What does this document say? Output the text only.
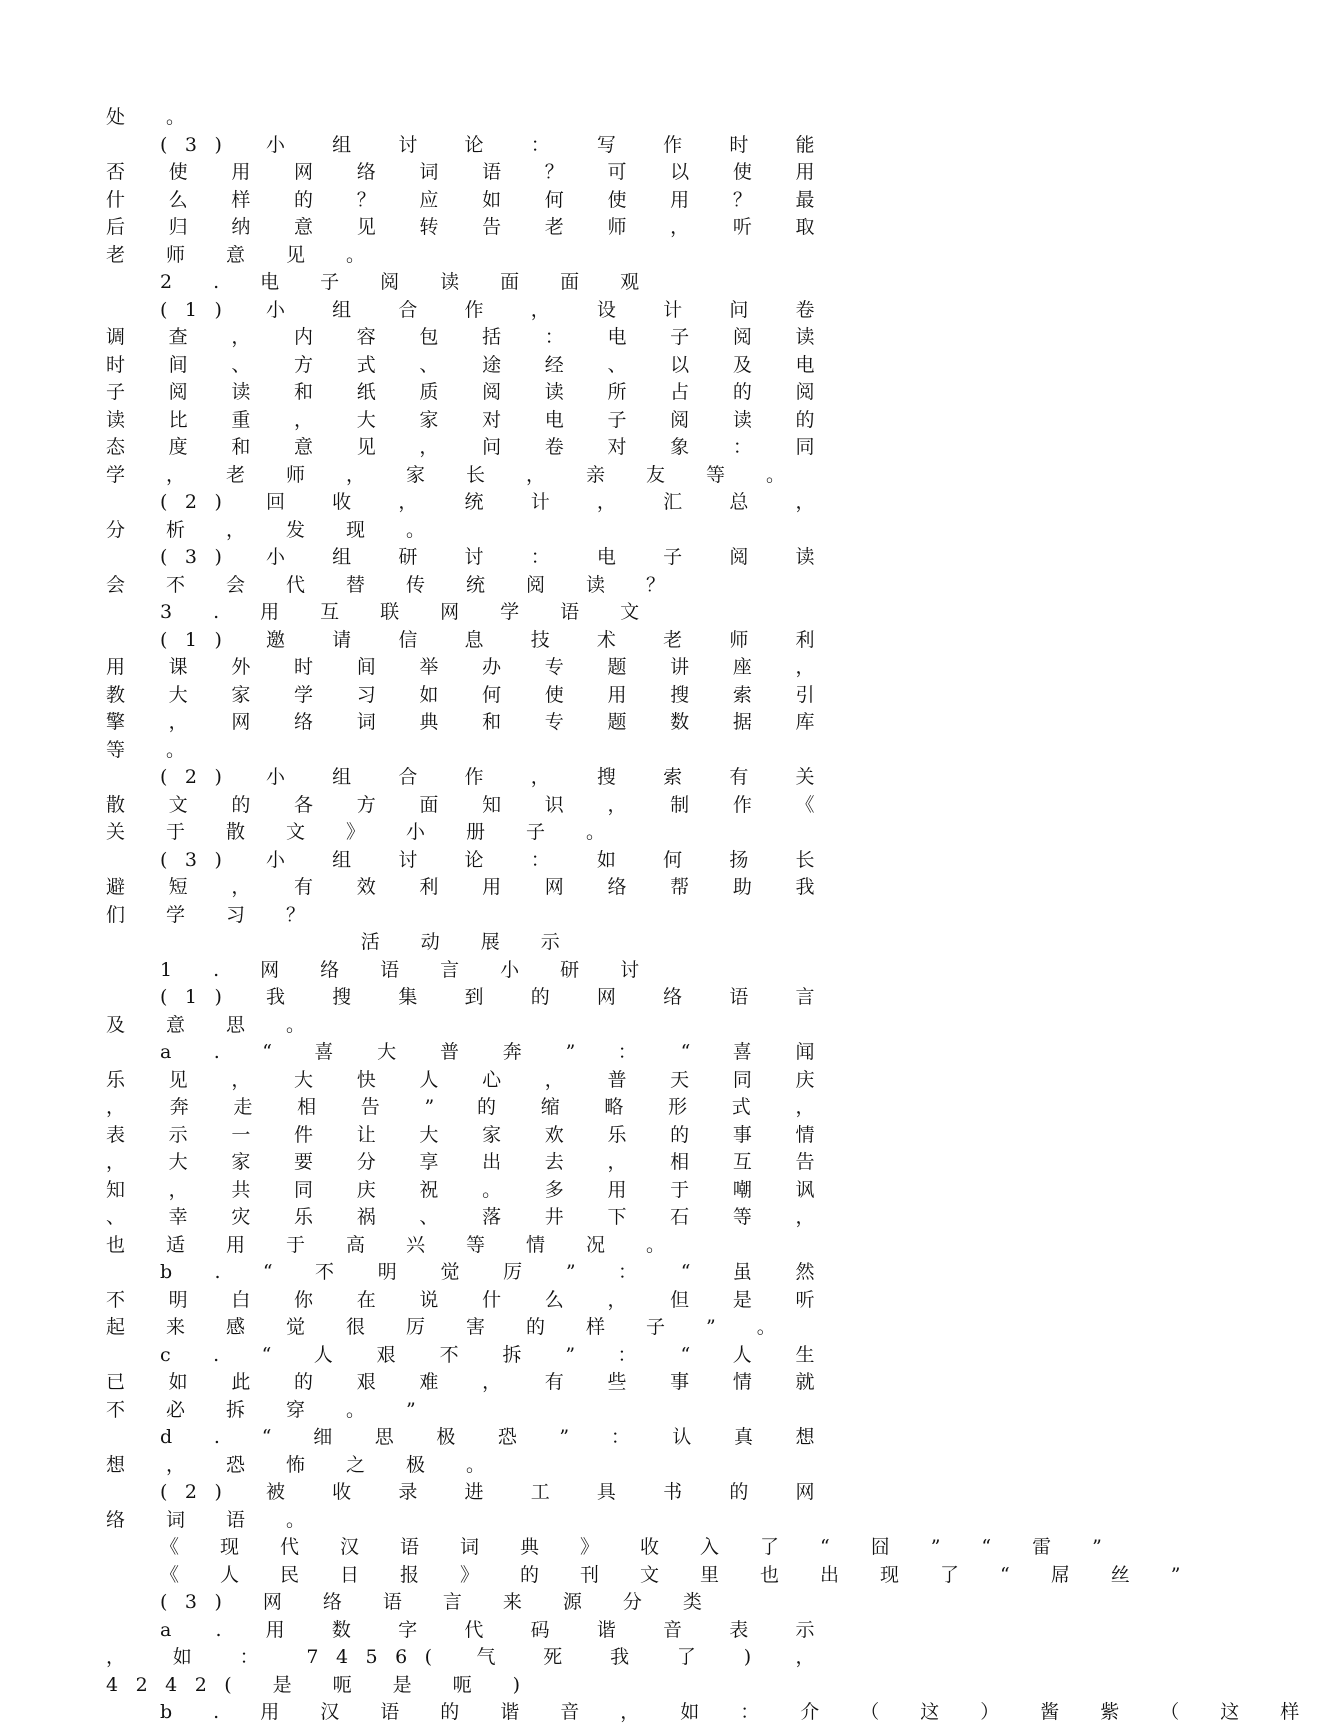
处 。

(3) 小 组 讨 论 ： 写 作 时 能 否 使 用 网 络 词 语 ？ 可 以 使 用 什 么 样 的 ？ 应 如 何 使 用 ？ 最 后 归 纳 意 见 转 告 老 师 ， 听 取 老 师 意 见 。

2 . 电 子 阅 读 面 面 观

(1) 小 组 合 作 ， 设 计 问 卷 调 查 ， 内 容 包 括 ： 电 子 阅 读 时 间 、 方 式 、 途 经 、 以 及 电 子 阅 读 和 纸 质 阅 读 所 占 的 阅 读 比 重 ， 大 家 对 电 子 阅 读 的 态 度 和 意 见 ， 问 卷 对 象 ： 同 学 ， 老 师 ， 家 长 ， 亲 友 等 。

(2) 回 收 ， 统 计 ， 汇 总 ， 分 析 ， 发 现 。

(3) 小 组 研 讨 ： 电 子 阅 读 会 不 会 代 替 传 统 阅 读 ？

3 . 用 互 联 网 学 语 文

(1) 邀 请 信 息 技 术 老 师 利 用 课 外 时 间 举 办 专 题 讲 座 ， 教 大 家 学 习 如 何 使 用 搜 索 引 擎 ， 网 络 词 典 和 专 题 数 据 库 等 。

(2) 小 组 合 作 ， 搜 索 有 关 散 文 的 各 方 面 知 识 ， 制 作 《 关 于 散 文 》 小 册 子 。

(3) 小 组 讨 论 ： 如 何 扬 长 避 短 ， 有 效 利 用 网 络 帮 助 我 们 学 习 ？

活 动 展 示

1 . 网 络 语 言 小 研 讨

(1) 我 搜 集 到 的 网 络 语 言 及 意 思 。

a . “ 喜 大 普 奔 ” ： “ 喜 闻 乐 见 ， 大 快 人 心 ， 普 天 同 庆 ， 奔 走 相 告 ” 的 缩 略 形 式 ， 表 示 一 件 让 大 家 欢 乐 的 事 情 ， 大 家 要 分 享 出 去 ， 相 互 告 知 ， 共 同 庆 祝 。 多 用 于 嘲 讽 、 幸 灾 乐 祸 、 落 井 下 石 等 ， 也 适 用 于 高 兴 等 情 况 。

b . “ 不 明 觉 厉 ” ： “ 虽 然 不 明 白 你 在 说 什 么 ， 但 是 听 起 来 感 觉 很 厉 害 的 样 子 ” 。

c . “ 人 艰 不 拆 ” ： “ 人 生 已 如 此 的 艰 难 ， 有 些 事 情 就 不 必 拆 穿 。 ”

d . “ 细 思 极 恐 ” ： 认 真 想 想 ， 恐 怖 之 极 。

(2) 被 收 录 进 工 具 书 的 网 络 词 语 。

《 现 代 汉 语 词 典 》 收 入 了 “ 囧 ” “ 雷 ”

《 人 民 日 报 》 的 刊 文 里 也 出 现 了 “ 屌 丝 ”

(3) 网 络 语 言 来 源 分 类

a . 用 数 字 代 码 谐 音 表 示 ， 如 ： 7456( 气 死 我 了 ) ， 4242( 是 呃 是 呃 )

b . 用 汉 语 的 谐 音 ， 如 ： 介 （ 这 ） 酱 紫 （ 这 样
